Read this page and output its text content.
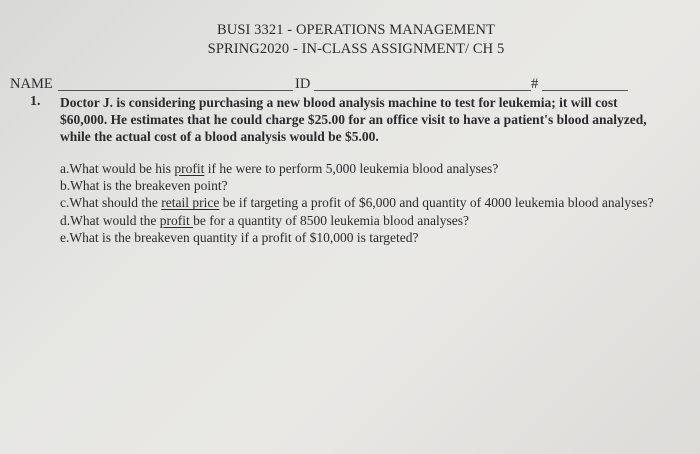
BUSI 3321 - OPERATIONS MANAGEMENT
SPRING2020 - IN-CLASS ASSIGNMENT/ CH 5
NAME	ID	#
1. Doctor J. is considering purchasing a new blood analysis machine to test for leukemia; it will cost $60,000. He estimates that he could charge $25.00 for an office visit to have a patient's blood analyzed, while the actual cost of a blood analysis would be $5.00.
a.What would be his profit if he were to perform 5,000 leukemia blood analyses?
b.What is the breakeven point?
c.What should the retail price be if targeting a profit of $6,000 and quantity of 4000 leukemia blood analyses?
d.What would the profit be for a quantity of 8500 leukemia blood analyses?
e.What is the breakeven quantity if a profit of $10,000 is targeted?
